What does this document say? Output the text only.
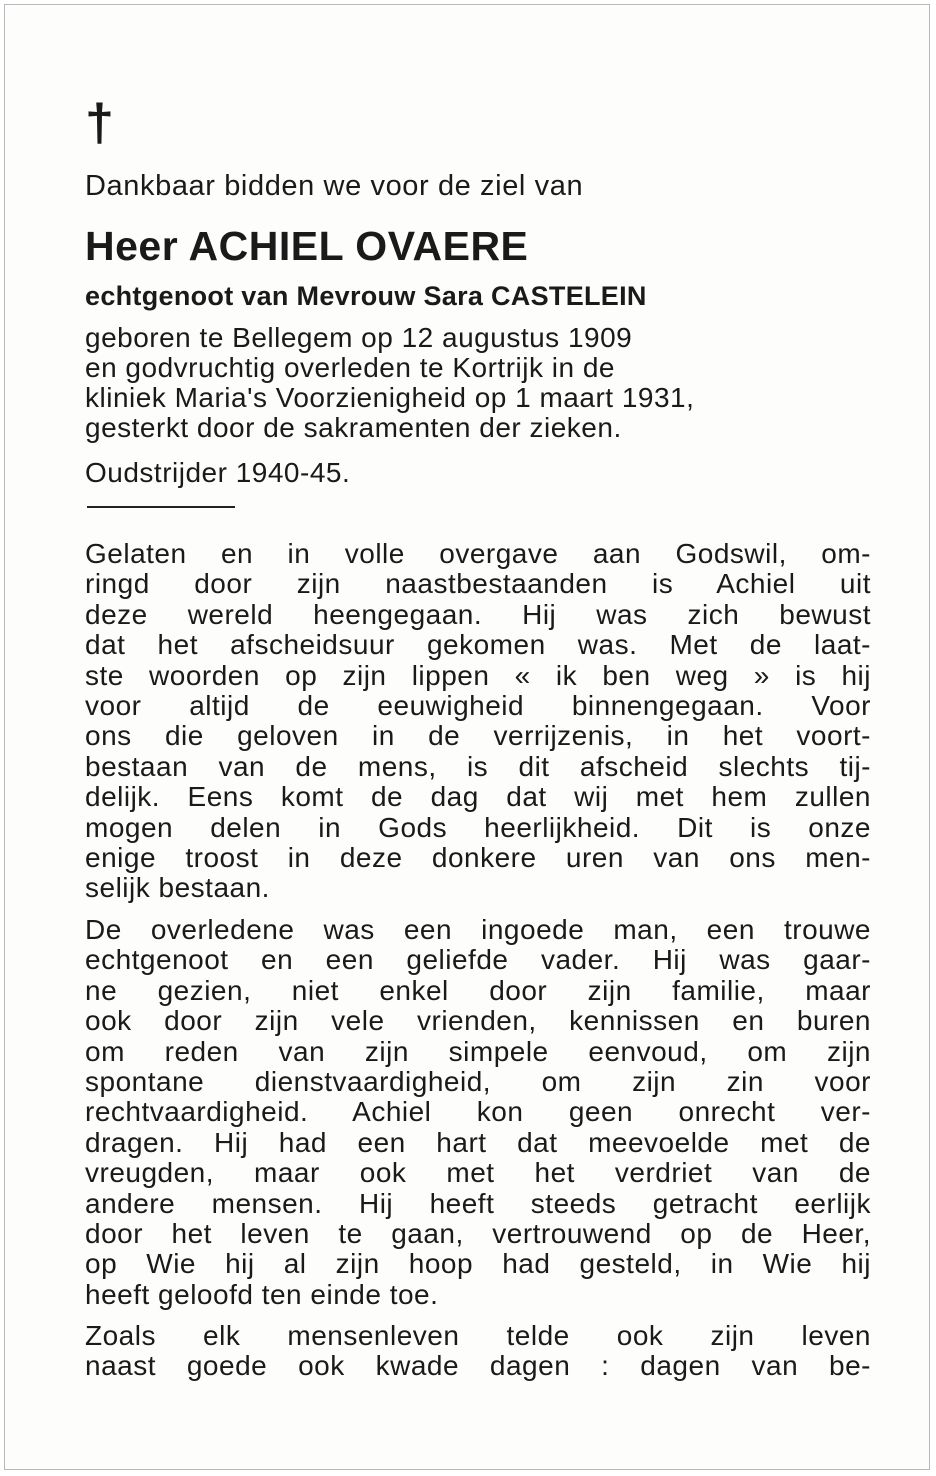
†
Dankbaar bidden we voor de ziel van
Heer ACHIEL OVAERE
echtgenoot van Mevrouw Sara CASTELEIN
geboren te Bellegem op 12 augustus 1909
en godvruchtig overleden te Kortrijk in de
kliniek Maria's Voorzienigheid op 1 maart 1931,
gesterkt door de sakramenten der zieken.
Oudstrijder 1940-45.
Gelaten en in volle overgave aan Godswil, om-
ringd door zijn naastbestaanden is Achiel uit
deze wereld heengegaan. Hij was zich bewust
dat het afscheidsuur gekomen was. Met de laat-
ste woorden op zijn lippen « ik ben weg » is hij
voor altijd de eeuwigheid binnengegaan. Voor
ons die geloven in de verrijzenis, in het voort-
bestaan van de mens, is dit afscheid slechts tij-
delijk. Eens komt de dag dat wij met hem zullen
mogen delen in Gods heerlijkheid. Dit is onze
enige troost in deze donkere uren van ons men-
selijk bestaan.
De overledene was een ingoede man, een trouwe
echtgenoot en een geliefde vader. Hij was gaar-
ne gezien, niet enkel door zijn familie, maar
ook door zijn vele vrienden, kennissen en buren
om reden van zijn simpele eenvoud, om zijn
spontane dienstvaardigheid, om zijn zin voor
rechtvaardigheid. Achiel kon geen onrecht ver-
dragen. Hij had een hart dat meevoelde met de
vreugden, maar ook met het verdriet van de
andere mensen. Hij heeft steeds getracht eerlijk
door het leven te gaan, vertrouwend op de Heer,
op Wie hij al zijn hoop had gesteld, in Wie hij
heeft geloofd ten einde toe.
Zoals elk mensenleven telde ook zijn leven
naast goede ook kwade dagen : dagen van be-
